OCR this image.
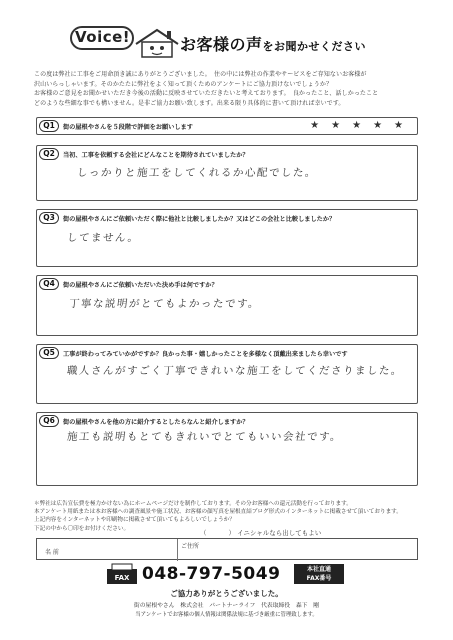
Voice!	お客様の声をお聞かせください

この度は弊社に工事をご用命頂き誠にありがとうございました。　住の中には弊社の作業やサービスをご存知ないお客様が

沢山いらっしゃいます。そのかたたに弊社をよく知って頂くためのアンケートにご協力頂けないでしょうか？

お客様のご意見をお聞かせいただき今後の活動に反映させていただきたいと考えております。　良かったこと、話しかったこと

どのような些細な事でも構いません。是非ご協力お願い致します。出来る限り具体的に書いて頂ければ幸いです。

Q1	街の屋根やさんを５段階で評価をお願いします	★ ★ ★ ★ ★
Q2	当初、工事を依頼する会社にどんなことを期待されていましたか？
しっかりと施工をしてくれるか心配でした。
Q3	街の屋根やさんにご依頼いただく際に他社と比較しましたか？又はどこの会社と比較しましたか？
してません。
Q4	街の屋根やさんにご依頼いただいた決め手は何ですか？
丁寧な説明がとてもよかったです。
Q5	工事が終わってみていかがですか？良かった事・嬉しかったことを多様なく頂戴出来ましたら幸いです
職人さんがすごく丁寧できれいな施工をしてくださりました。
Q6	街の屋根やさんを他の方に紹介するとしたらなんと紹介しますか？
施工も説明もとてもきれいでとてもいい会社です。

＊弊社は広告宣伝費を極力かけない為にホームページだけを制作しております。その分お客様への還元活動を行っております。

本アンケート用紙または本お客様への調査風景や施工状況、お客様の顔写真を屋根直結ブログ形式のインターネットに掲載させて頂いております。

上記内容をインターネットや印刷物に掲載させて頂いてもよろしいでしょうか？

下記の中から〇印をお付けください。

（） イニシャルなら出してもよい
名 前
ご住所
FAX 048-797-5049	本社直通
FAX番号
ご協力ありがとうございました。
街の屋根やさん　株式会社　パートナーライフ　代表取締役　森下　剛
当アンケートでお客様の個人情報は関係法規に基づき厳重に管理致します。
